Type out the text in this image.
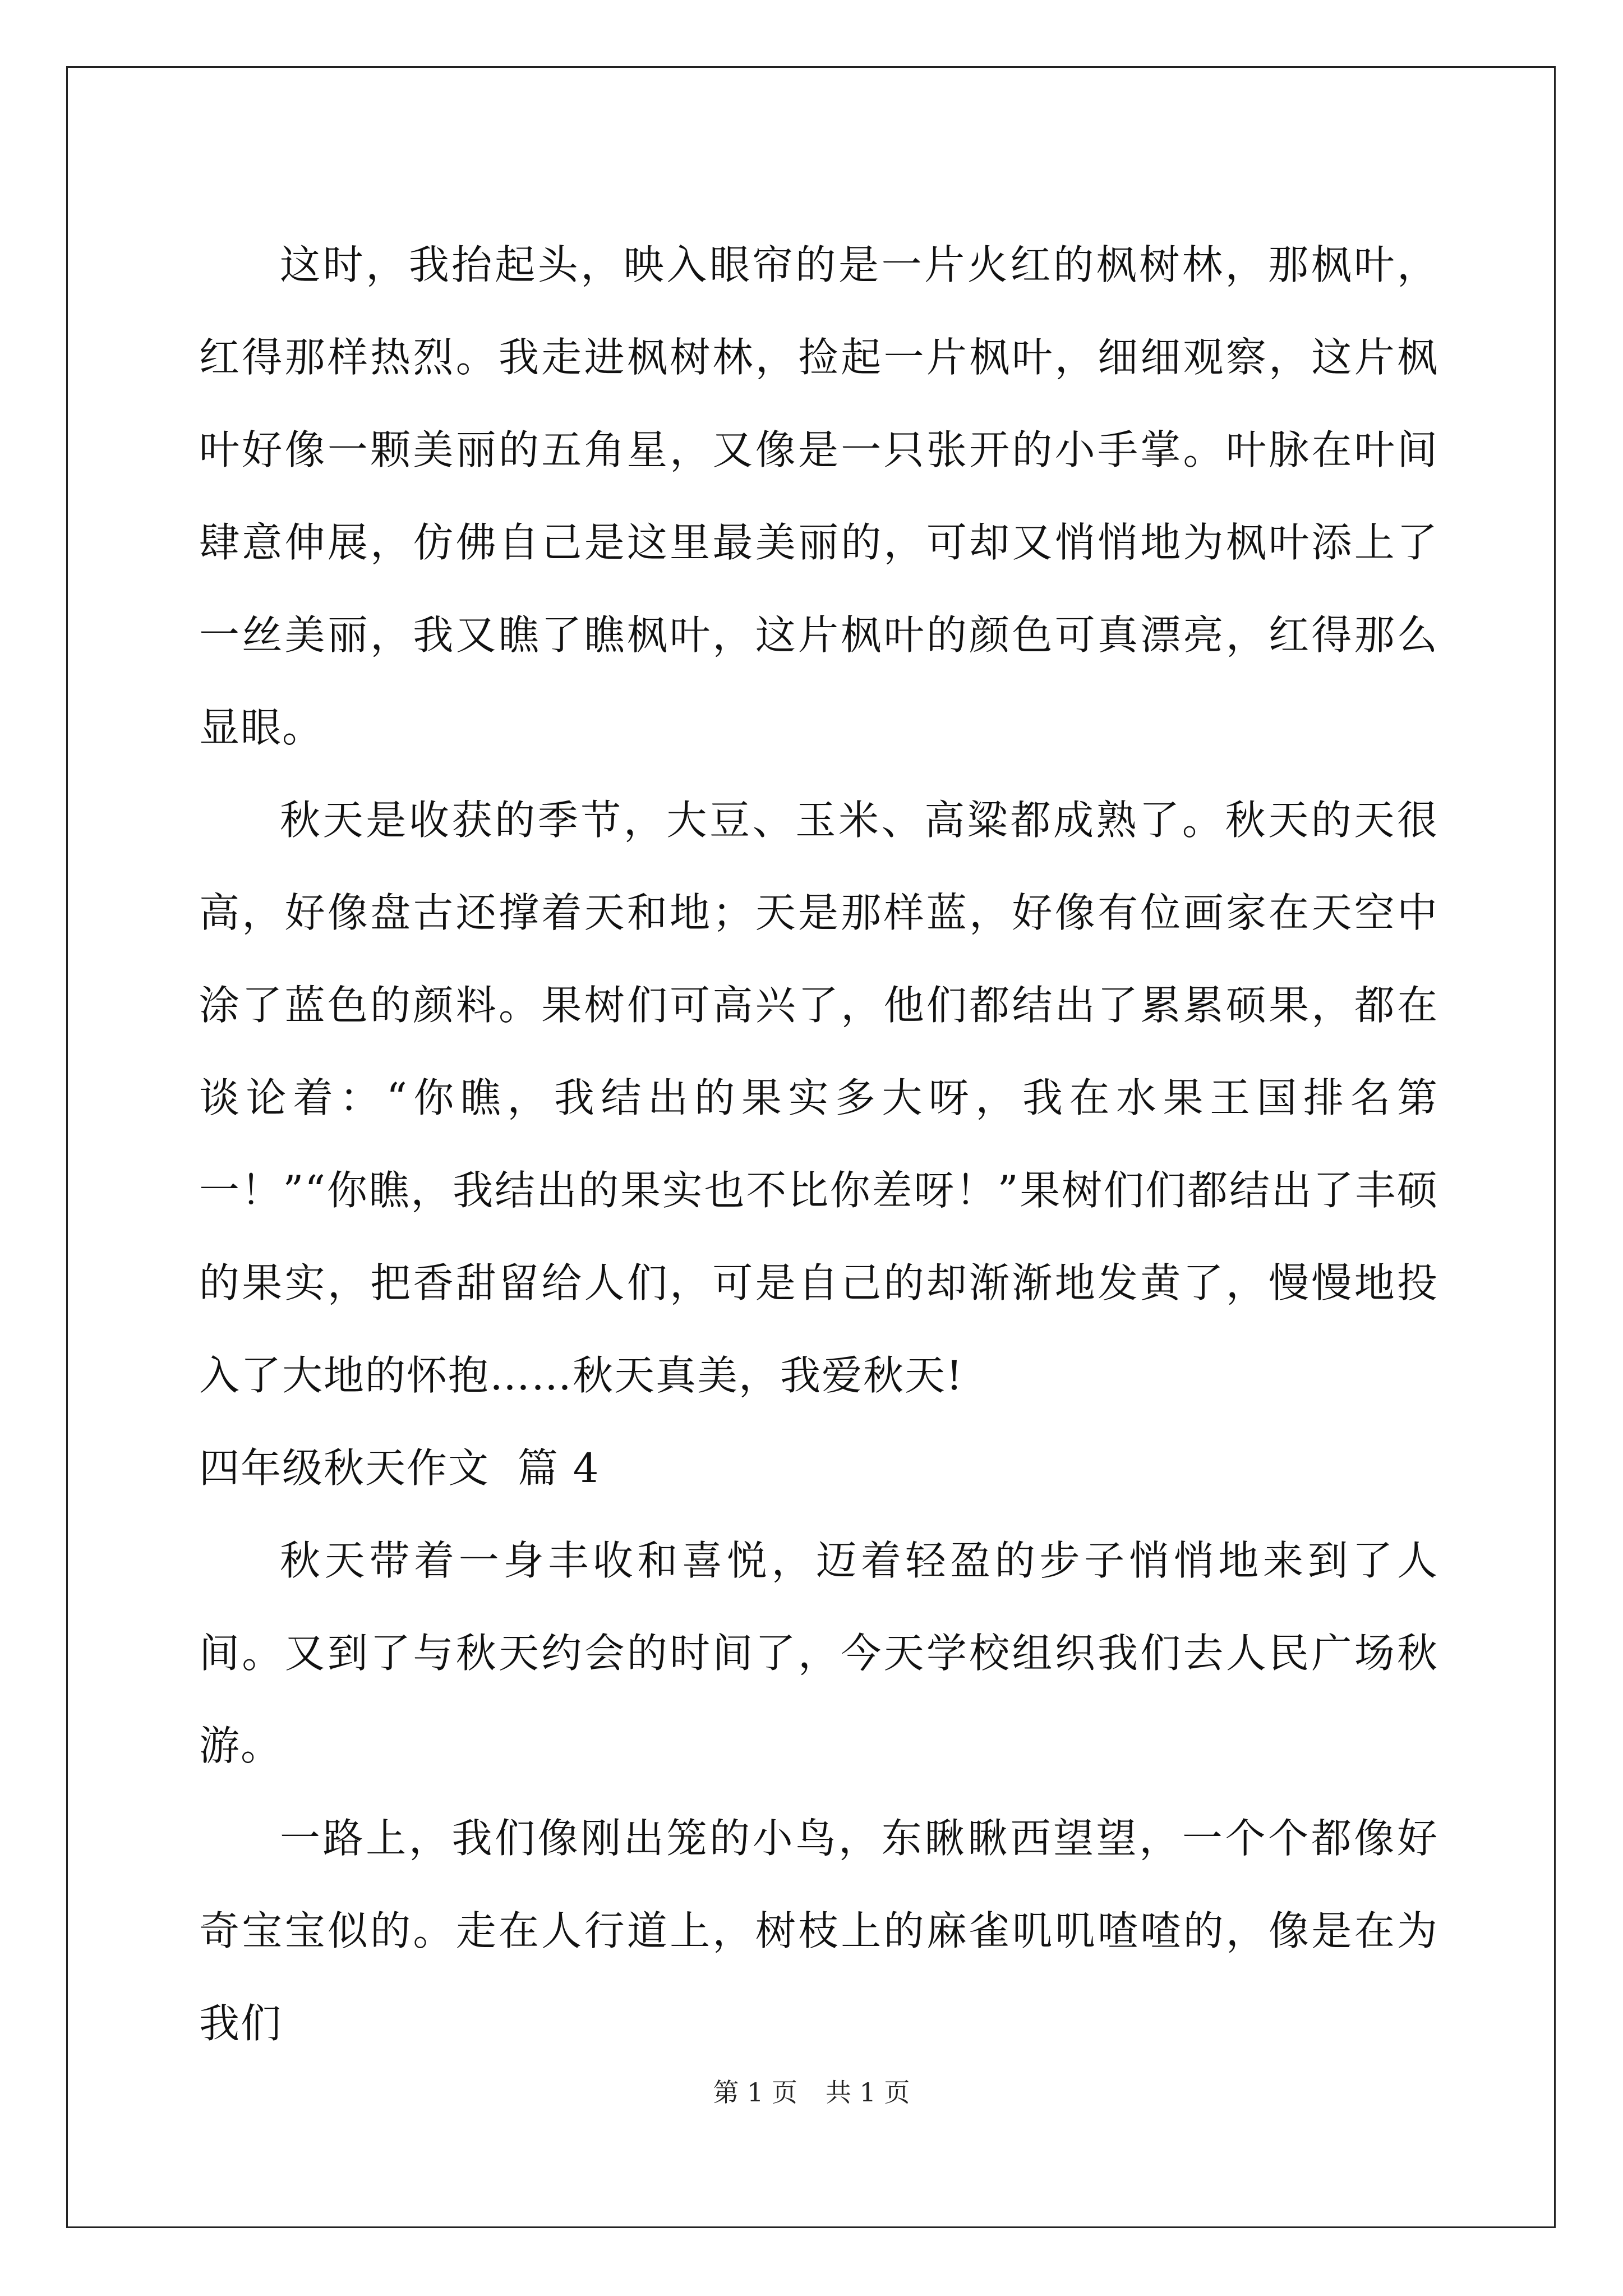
这时，我抬起头，映入眼帘的是一片火红的枫树林，那枫叶，红得那样热烈。我走进枫树林，捡起一片枫叶，细细观察，这片枫叶好像一颗美丽的五角星，又像是一只张开的小手掌。叶脉在叶间肆意伸展，仿佛自己是这里最美丽的，可却又悄悄地为枫叶添上了一丝美丽，我又瞧了瞧枫叶，这片枫叶的颜色可真漂亮，红得那么显眼。

秋天是收获的季节，大豆、玉米、高粱都成熟了。秋天的天很高，好像盘古还撑着天和地；天是那样蓝，好像有位画家在天空中涂了蓝色的颜料。果树们可高兴了，他们都结出了累累硕果，都在谈论着：“你瞧，我结出的果实多大呀，我在水果王国排名第一！”“你瞧，我结出的果实也不比你差呀！”果树们们都结出了丰硕的果实，把香甜留给人们，可是自己的却渐渐地发黄了，慢慢地投入了大地的怀抱……秋天真美，我爱秋天!

四年级秋天作文  篇 4

秋天带着一身丰收和喜悦，迈着轻盈的步子悄悄地来到了人间。又到了与秋天约会的时间了，今天学校组织我们去人民广场秋游。

一路上，我们像刚出笼的小鸟，东瞅瞅西望望，一个个都像好奇宝宝似的。走在人行道上，树枝上的麻雀叽叽喳喳的，像是在为我们

第 1 页 共 1 页
